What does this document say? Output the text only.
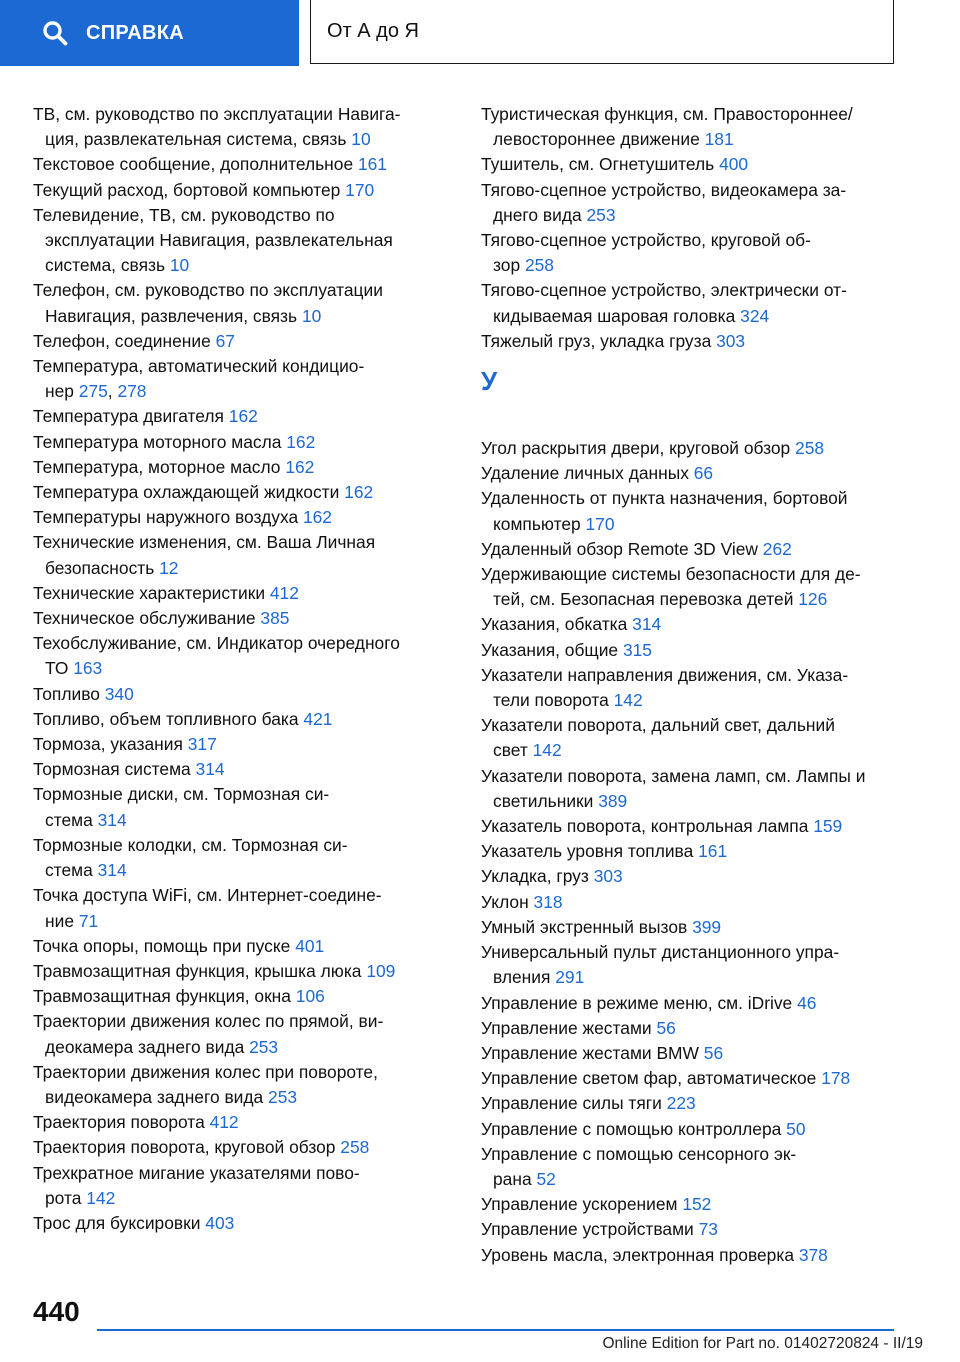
СПРАВКА	От А до Я
ТВ, см. руководство по эксплуатации Навига-
ция, развлекательная система, связь 10
Текстовое сообщение, дополнительное 161
Текущий расход, бортовой компьютер 170
Телевидение, ТВ, см. руководство по
эксплуатации Навигация, развлекательная
система, связь 10
Телефон, см. руководство по эксплуатации
Навигация, развлечения, связь 10
Телефон, соединение 67
Температура, автоматический кондицио-
нер 275, 278
Температура двигателя 162
Температура моторного масла 162
Температура, моторное масло 162
Температура охлаждающей жидкости 162
Температуры наружного воздуха 162
Технические изменения, см. Ваша Личная
безопасность 12
Технические характеристики 412
Техническое обслуживание 385
Техобслуживание, см. Индикатор очередного
ТО 163
Топливо 340
Топливо, объем топливного бака 421
Тормоза, указания 317
Тормозная система 314
Тормозные диски, см. Тормозная си-
стема 314
Тормозные колодки, см. Тормозная си-
стема 314
Точка доступа WiFi, см. Интернет-соедине-
ние 71
Точка опоры, помощь при пуске 401
Травмозащитная функция, крышка люка 109
Травмозащитная функция, окна 106
Траектории движения колес по прямой, ви-
деокамера заднего вида 253
Траектории движения колес при повороте,
видеокамера заднего вида 253
Траектория поворота 412
Траектория поворота, круговой обзор 258
Трехкратное мигание указателями пово-
рота 142
Трос для буксировки 403
Туристическая функция, см. Правостороннее/
левостороннее движение 181
Тушитель, см. Огнетушитель 400
Тягово-сцепное устройство, видеокамера за-
днего вида 253
Тягово-сцепное устройство, круговой об-
зор 258
Тягово-сцепное устройство, электрически от-
кидываемая шаровая головка 324
Тяжелый груз, укладка груза 303
У
Угол раскрытия двери, круговой обзор 258
Удаление личных данных 66
Удаленность от пункта назначения, бортовой
компьютер 170
Удаленный обзор Remote 3D View 262
Удерживающие системы безопасности для де-
тей, см. Безопасная перевозка детей 126
Указания, обкатка 314
Указания, общие 315
Указатели направления движения, см. Указа-
тели поворота 142
Указатели поворота, дальний свет, дальний
свет 142
Указатели поворота, замена ламп, см. Лампы и
светильники 389
Указатель поворота, контрольная лампа 159
Указатель уровня топлива 161
Укладка, груз 303
Уклон 318
Умный экстренный вызов 399
Универсальный пульт дистанционного упра-
вления 291
Управление в режиме меню, см. iDrive 46
Управление жестами 56
Управление жестами BMW 56
Управление светом фар, автоматическое 178
Управление силы тяги 223
Управление с помощью контроллера 50
Управление с помощью сенсорного эк-
рана 52
Управление ускорением 152
Управление устройствами 73
Уровень масла, электронная проверка 378
440
Online Edition for Part no. 01402720824 - II/19
